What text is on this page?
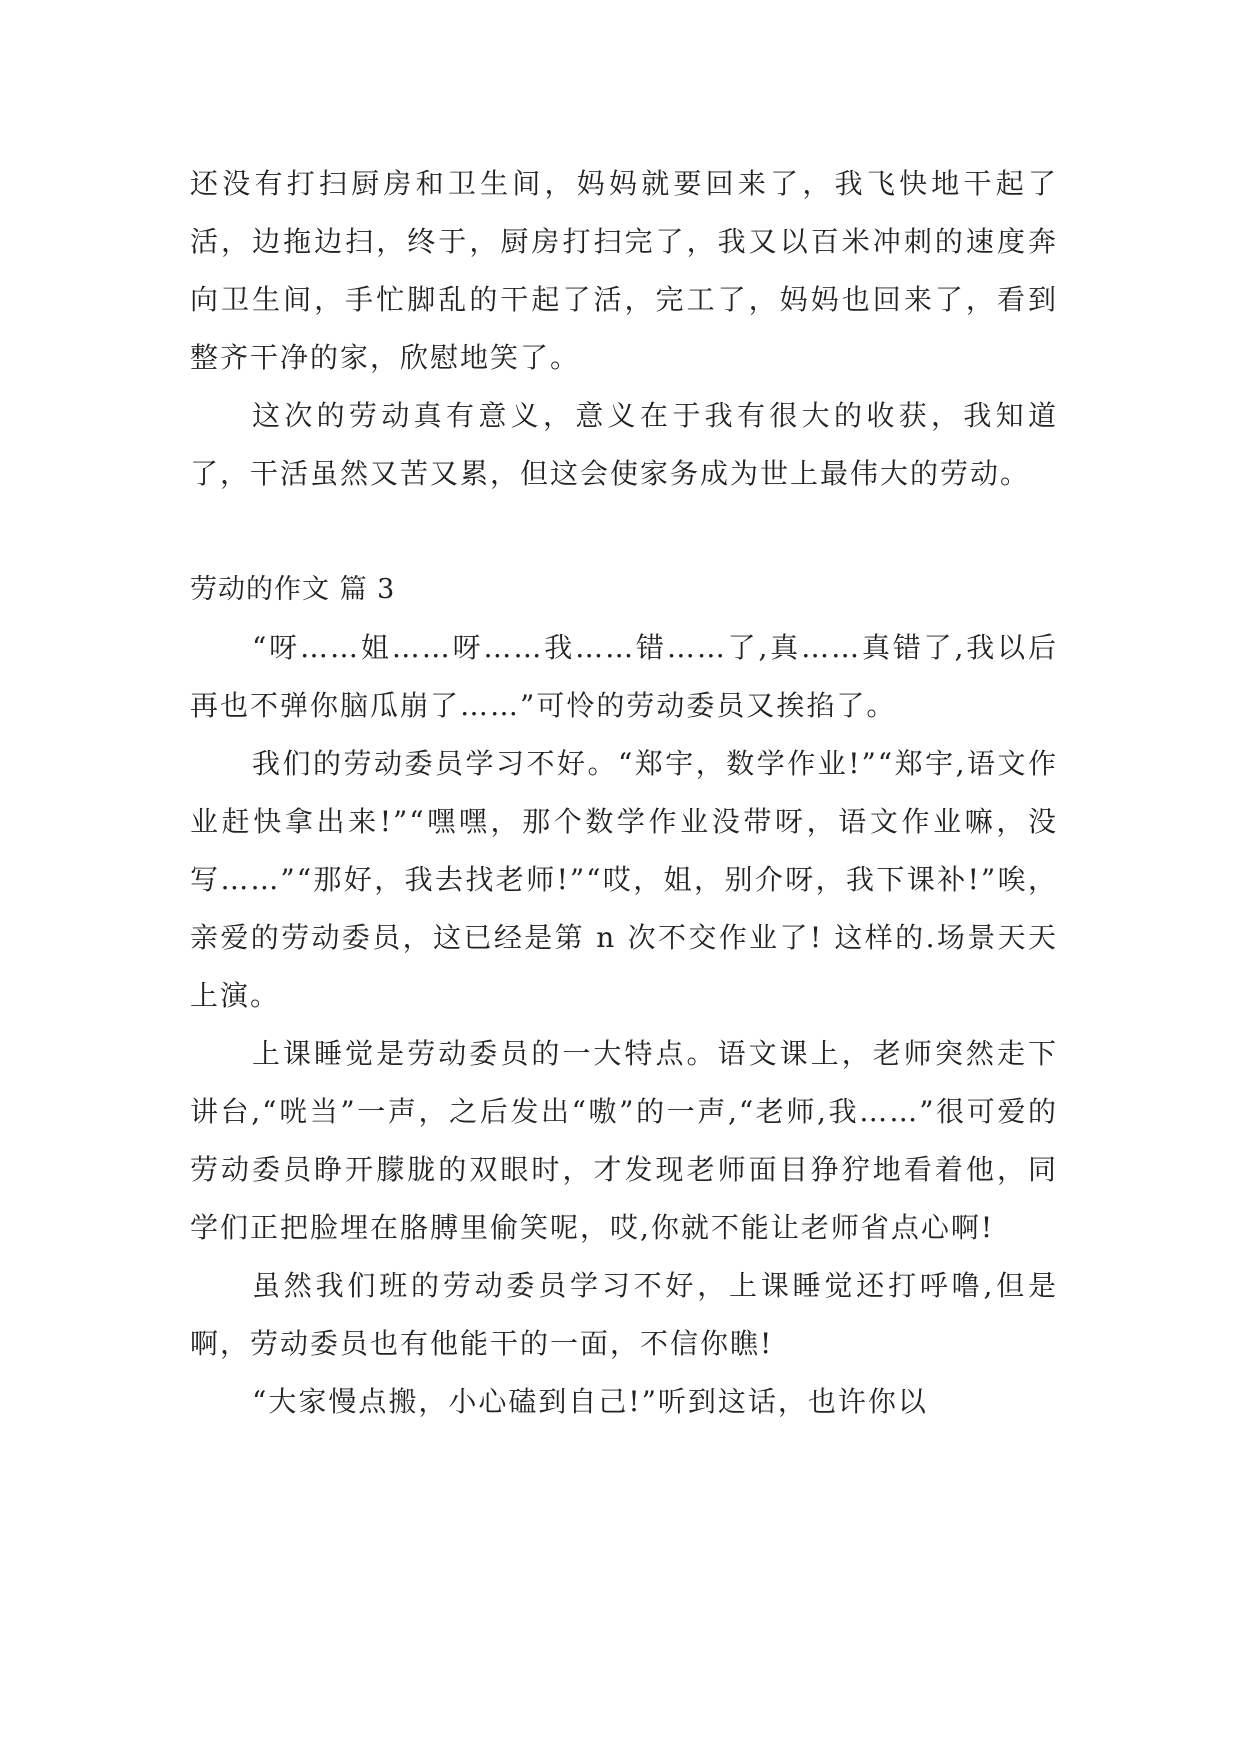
还没有打扫厨房和卫生间，妈妈就要回来了，我飞快地干起了活，边拖边扫，终于，厨房打扫完了，我又以百米冲刺的速度奔向卫生间，手忙脚乱的干起了活，完工了，妈妈也回来了，看到整齐干净的家，欣慰地笑了。

这次的劳动真有意义，意义在于我有很大的收获，我知道了，干活虽然又苦又累，但这会使家务成为世上最伟大的劳动。

劳动的作文 篇 3

“呀……姐……呀……我……错……了,真……真错了,我以后再也不弹你脑瓜崩了……”可怜的劳动委员又挨掐了。

我们的劳动委员学习不好。“郑宇，数学作业!”“郑宇,语文作业赶快拿出来!”“嘿嘿，那个数学作业没带呀，语文作业嘛，没写……”“那好，我去找老师!”“哎，姐，别介呀，我下课补!”唉，亲爱的劳动委员，这已经是第 n 次不交作业了! 这样的.场景天天上演。

上课睡觉是劳动委员的一大特点。语文课上，老师突然走下讲台,“咣当”一声，之后发出“嗷”的一声,“老师,我……”很可爱的劳动委员睁开朦胧的双眼时，才发现老师面目狰狞地看着他，同学们正把脸埋在胳膊里偷笑呢，哎,你就不能让老师省点心啊!

虽然我们班的劳动委员学习不好，上课睡觉还打呼噜,但是啊，劳动委员也有他能干的一面，不信你瞧!

“大家慢点搬，小心磕到自己!”听到这话，也许你以
